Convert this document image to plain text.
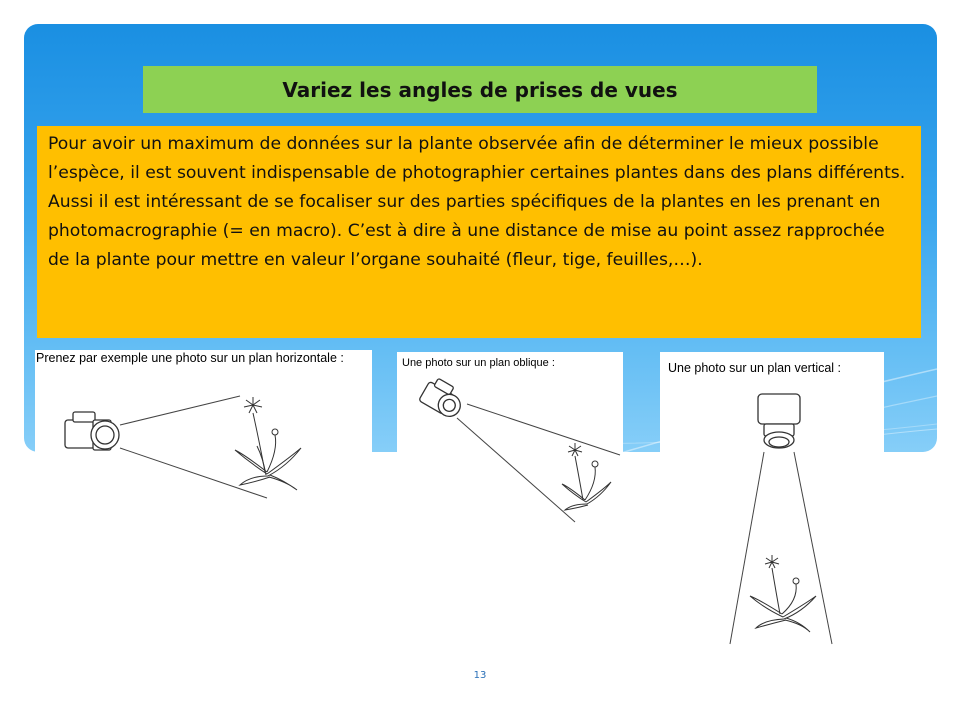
Variez les angles de prises de vues

Pour avoir un maximum de données sur la plante observée afin de déterminer le mieux possible l’espèce, il est souvent indispensable de photographier certaines plantes dans des plans différents.

Aussi il est intéressant de se focaliser sur des parties spécifiques de la plantes en les prenant en photomacrographie (= en macro). C’est à dire à une distance de mise au point assez rapprochée de la plante pour mettre en valeur l’organe souhaité (fleur, tige, feuilles,…).

Prenez par exemple une photo sur un plan horizontale :	Une photo sur un plan oblique :	Une photo sur un plan vertical :
13
